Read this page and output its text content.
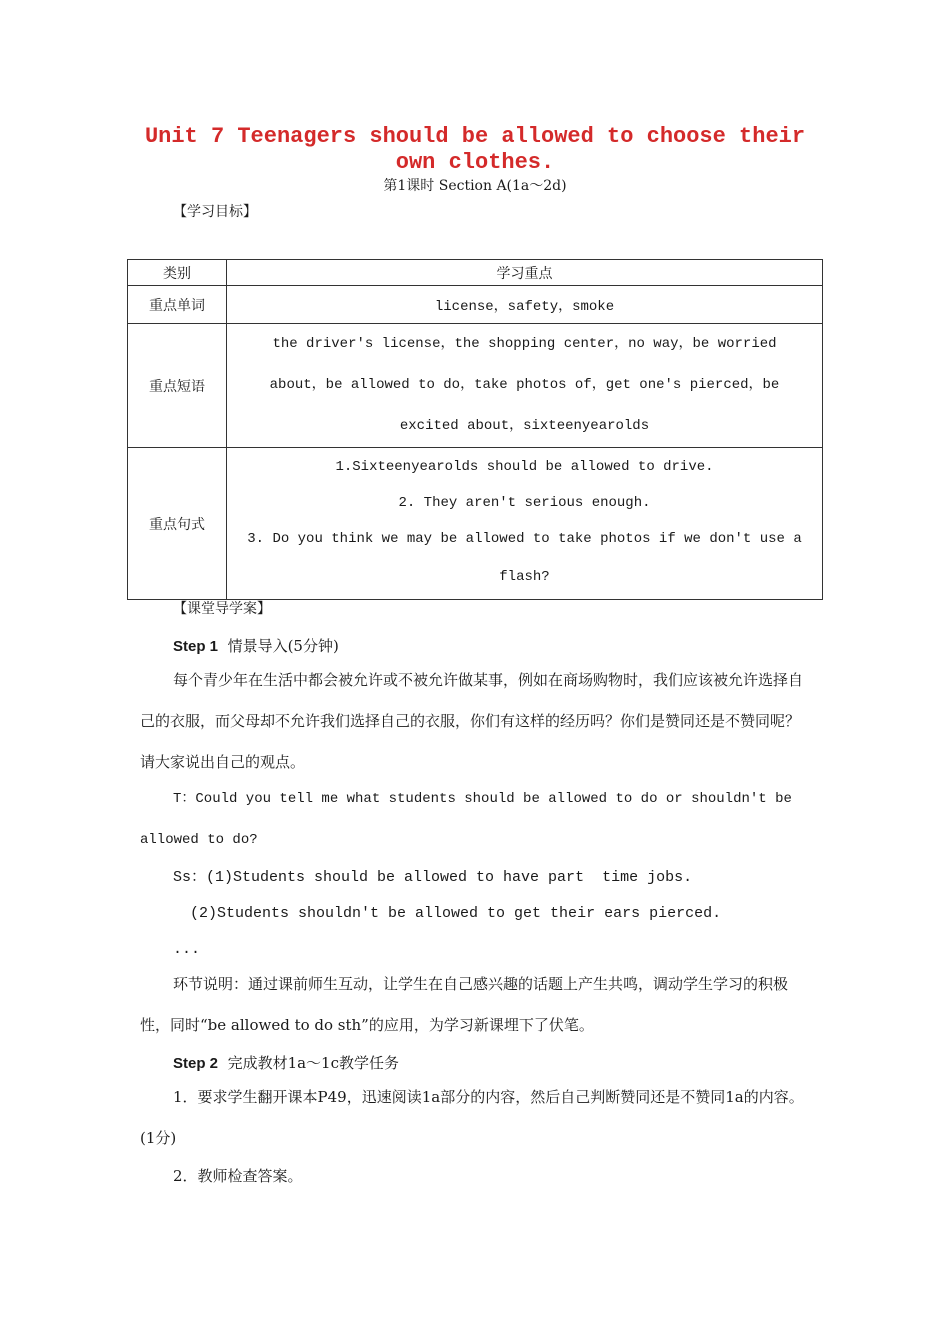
Unit 7 Teenagers should be allowed to choose their own clothes.
第1课时 Section A(1a～2d)
【学习目标】
类别	学习重点
重点单词	license，safety，smoke

重点短语	the driver's license，the shopping center，no way，be worried
about，be allowed to do，take photos of，get one's pierced，be
excited about，sixteenyearolds

重点句式	1.Sixteenyearolds should be allowed to drive.
2. They aren't serious enough.
3. Do you think we may be allowed to take photos if we don't use a
flash?
【课堂导学案】
Step 1 情景导入(5分钟)
每个青少年在生活中都会被允许或不被允许做某事，例如在商场购物时，我们应该被允许选择自己的衣服，而父母却不允许我们选择自己的衣服，你们有这样的经历吗？你们是赞同还是不赞同呢？请大家说出自己的观点。
T：Could you tell me what students should be allowed to do or shouldn't be allowed to do?
Ss：(1)Students should be allowed to have part  time jobs.
(2)Students shouldn't be allowed to get their ears pierced.
...
环节说明：通过课前师生互动，让学生在自己感兴趣的话题上产生共鸣，调动学生学习的积极性，同时“be allowed to do sth”的应用，为学习新课埋下了伏笔。
Step 2 完成教材1a～1c教学任务
1．要求学生翻开课本P49，迅速阅读1a部分的内容，然后自己判断赞同还是不赞同1a的内容。(1分)
2．教师检查答案。
